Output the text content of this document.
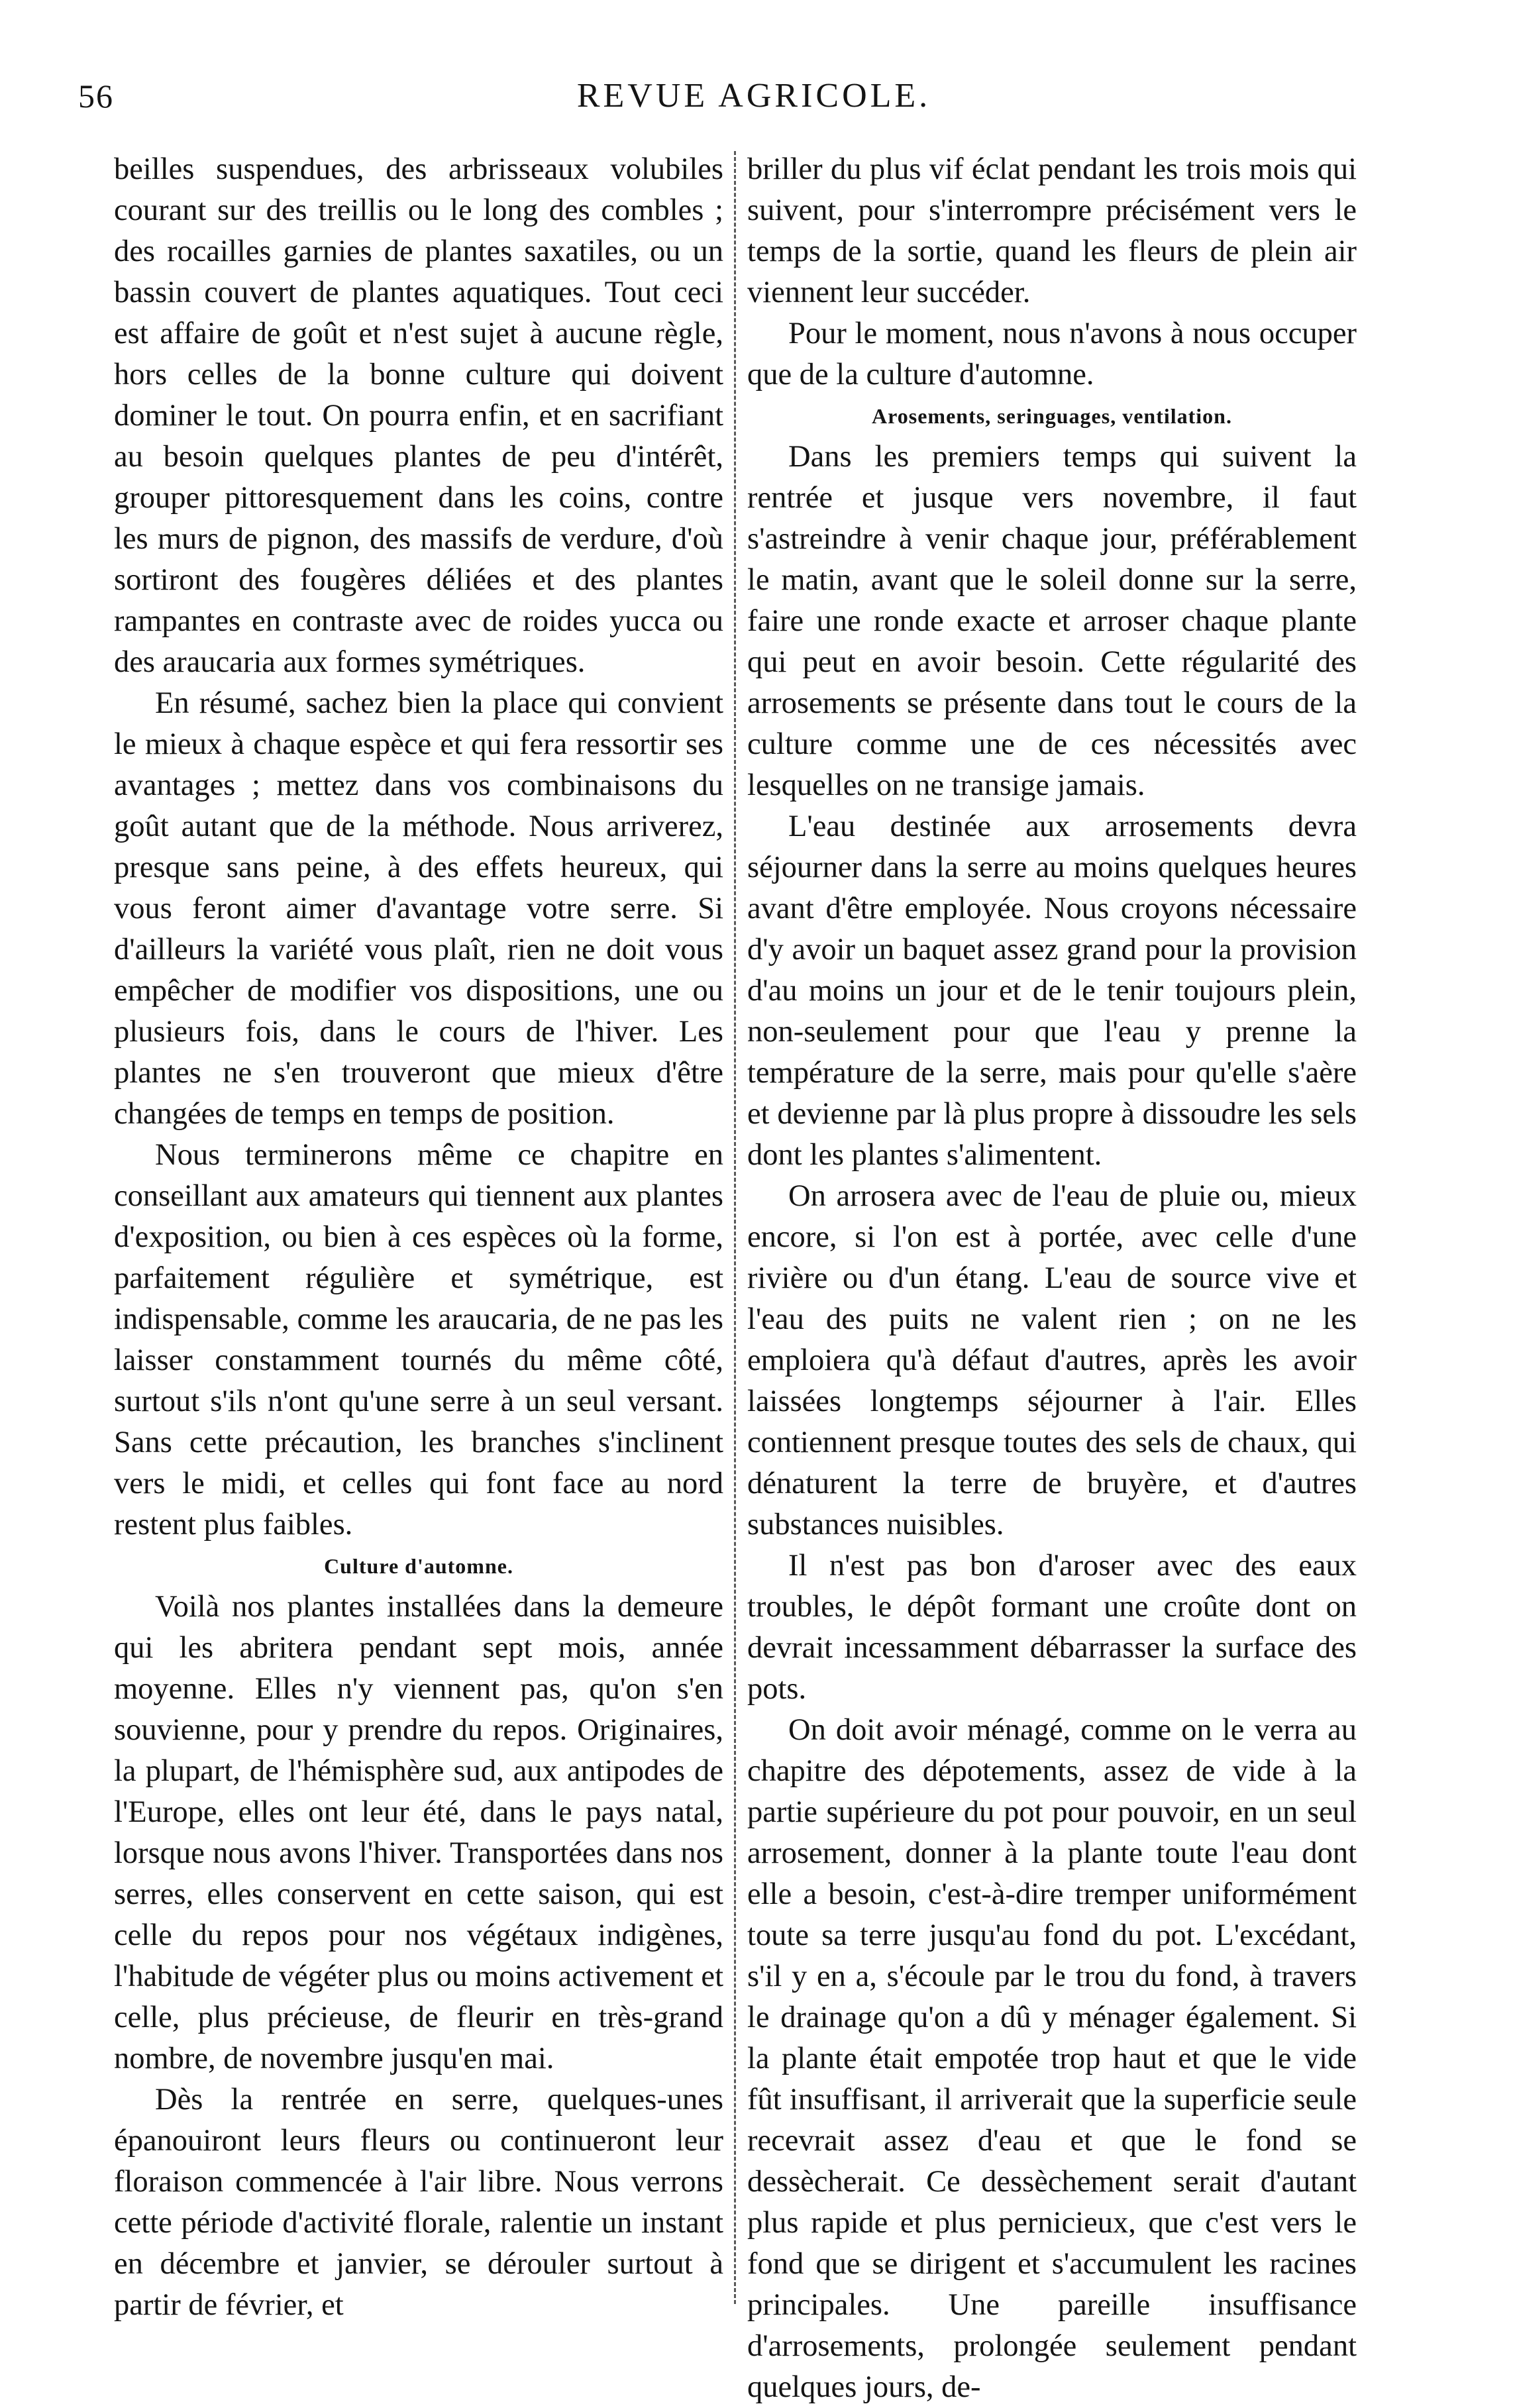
56	REVUE AGRICOLE.

beilles suspendues, des arbrisseaux volubiles courant sur des treillis ou le long des combles ; des rocailles garnies de plantes saxatiles, ou un bassin couvert de plantes aquatiques. Tout ceci est affaire de goût et n'est sujet à aucune règle, hors celles de la bonne culture qui doivent dominer le tout. On pourra enfin, et en sacrifiant au besoin quelques plantes de peu d'intérêt, grouper pittoresquement dans les coins, contre les murs de pignon, des massifs de verdure, d'où sortiront des fougères déliées et des plantes rampantes en contraste avec de roides yucca ou des araucaria aux formes symétriques.

En résumé, sachez bien la place qui convient le mieux à chaque espèce et qui fera ressortir ses avantages ; mettez dans vos combinaisons du goût autant que de la méthode. Nous arriverez, presque sans peine, à des effets heureux, qui vous feront aimer d'avantage votre serre. Si d'ailleurs la variété vous plaît, rien ne doit vous empêcher de modifier vos dispositions, une ou plusieurs fois, dans le cours de l'hiver. Les plantes ne s'en trouveront que mieux d'être changées de temps en temps de position.

Nous terminerons même ce chapitre en conseillant aux amateurs qui tiennent aux plantes d'exposition, ou bien à ces espèces où la forme, parfaitement régulière et symétrique, est indispensable, comme les araucaria, de ne pas les laisser constamment tournés du même côté, surtout s'ils n'ont qu'une serre à un seul versant. Sans cette précaution, les branches s'inclinent vers le midi, et celles qui font face au nord restent plus faibles.

Culture d'automne.

Voilà nos plantes installées dans la demeure qui les abritera pendant sept mois, année moyenne. Elles n'y viennent pas, qu'on s'en souvienne, pour y prendre du repos. Originaires, la plupart, de l'hémisphère sud, aux antipodes de l'Europe, elles ont leur été, dans le pays natal, lorsque nous avons l'hiver. Transportées dans nos serres, elles conservent en cette saison, qui est celle du repos pour nos végétaux indigènes, l'habitude de végéter plus ou moins activement et celle, plus précieuse, de fleurir en très-grand nombre, de novembre jusqu'en mai.

Dès la rentrée en serre, quelques-unes épanouiront leurs fleurs ou continueront leur floraison commencée à l'air libre. Nous verrons cette période d'activité florale, ralentie un instant en décembre et janvier, se dérouler surtout à partir de février, et

briller du plus vif éclat pendant les trois mois qui suivent, pour s'interrompre précisément vers le temps de la sortie, quand les fleurs de plein air viennent leur succéder.

Pour le moment, nous n'avons à nous occuper que de la culture d'automne.

Arosements, seringuages, ventilation.

Dans les premiers temps qui suivent la rentrée et jusque vers novembre, il faut s'astreindre à venir chaque jour, préférablement le matin, avant que le soleil donne sur la serre, faire une ronde exacte et arroser chaque plante qui peut en avoir besoin. Cette régularité des arrosements se présente dans tout le cours de la culture comme une de ces nécessités avec lesquelles on ne transige jamais.

L'eau destinée aux arrosements devra séjourner dans la serre au moins quelques heures avant d'être employée. Nous croyons nécessaire d'y avoir un baquet assez grand pour la provision d'au moins un jour et de le tenir toujours plein, non-seulement pour que l'eau y prenne la température de la serre, mais pour qu'elle s'aère et devienne par là plus propre à dissoudre les sels dont les plantes s'alimentent.

On arrosera avec de l'eau de pluie ou, mieux encore, si l'on est à portée, avec celle d'une rivière ou d'un étang. L'eau de source vive et l'eau des puits ne valent rien ; on ne les emploiera qu'à défaut d'autres, après les avoir laissées longtemps séjourner à l'air. Elles contiennent presque toutes des sels de chaux, qui dénaturent la terre de bruyère, et d'autres substances nuisibles.

Il n'est pas bon d'aroser avec des eaux troubles, le dépôt formant une croûte dont on devrait incessamment débarrasser la surface des pots.

On doit avoir ménagé, comme on le verra au chapitre des dépotements, assez de vide à la partie supérieure du pot pour pouvoir, en un seul arrosement, donner à la plante toute l'eau dont elle a besoin, c'est-à-dire tremper uniformément toute sa terre jusqu'au fond du pot. L'excédant, s'il y en a, s'écoule par le trou du fond, à travers le drainage qu'on a dû y ménager également. Si la plante était empotée trop haut et que le vide fût insuffisant, il arriverait que la superficie seule recevrait assez d'eau et que le fond se dessècherait. Ce dessèchement serait d'autant plus rapide et plus pernicieux, que c'est vers le fond que se dirigent et s'accumulent les racines principales. Une pareille insuffisance d'arrosements, prolongée seulement pendant quelques jours, de-
